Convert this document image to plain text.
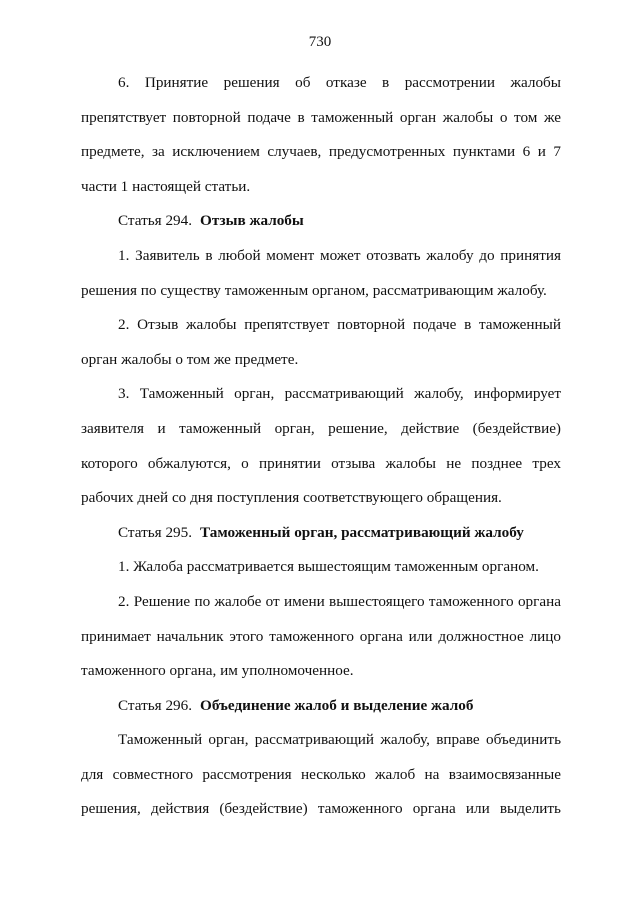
730

6. Принятие решения об отказе в рассмотрении жалобы препятствует повторной подаче в таможенный орган жалобы о том же предмете, за исключением случаев, предусмотренных пунктами 6 и 7 части 1 настоящей статьи.

Статья 294. Отзыв жалобы

1. Заявитель в любой момент может отозвать жалобу до принятия решения по существу таможенным органом, рассматривающим жалобу.

2. Отзыв жалобы препятствует повторной подаче в таможенный орган жалобы о том же предмете.

3. Таможенный орган, рассматривающий жалобу, информирует заявителя и таможенный орган, решение, действие (бездействие) которого обжалуются, о принятии отзыва жалобы не позднее трех рабочих дней со дня поступления соответствующего обращения.

Статья 295. Таможенный орган, рассматривающий жалобу

1. Жалоба рассматривается вышестоящим таможенным органом.

2. Решение по жалобе от имени вышестоящего таможенного органа принимает начальник этого таможенного органа или должностное лицо таможенного органа, им уполномоченное.

Статья 296. Объединение жалоб и выделение жалоб

Таможенный орган, рассматривающий жалобу, вправе объединить для совместного рассмотрения несколько жалоб на взаимосвязанные решения, действия (бездействие) таможенного органа или выделить
